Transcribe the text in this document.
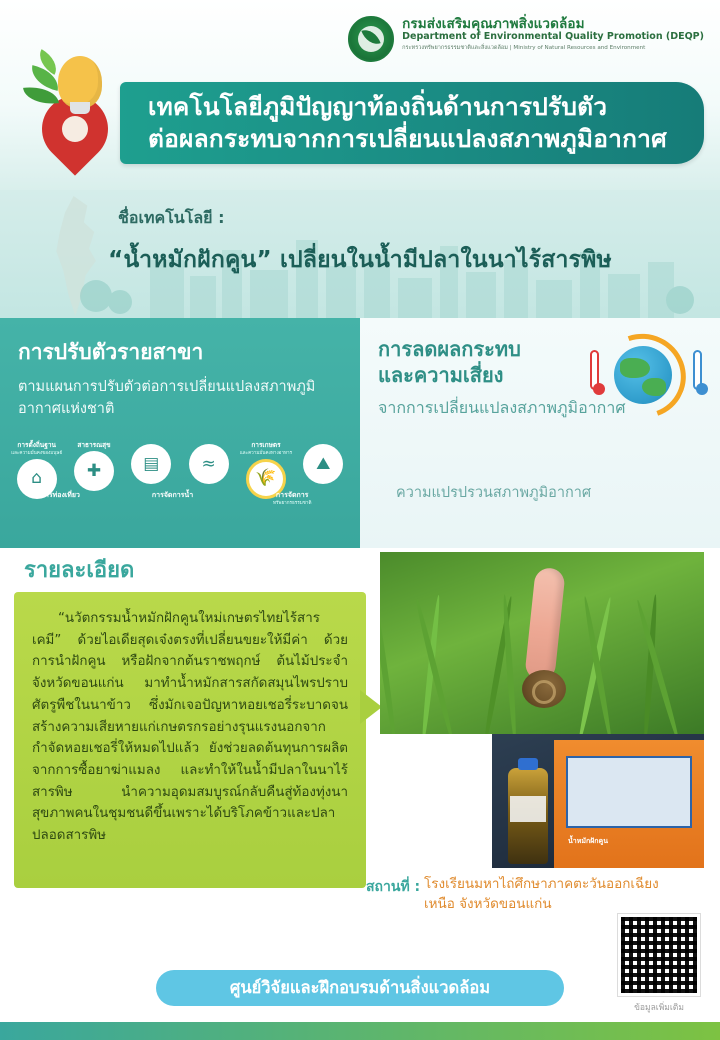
กรมส่งเสริมคุณภาพสิ่งแวดล้อม
Department of Environmental Quality Promotion (DEQP)
กระทรวงทรัพยากรธรรมชาติและสิ่งแวดล้อม | Ministry of Natural Resources and Environment
เทคโนโลยีภูมิปัญญาท้องถิ่นด้านการปรับตัว
ต่อผลกระทบจากการเปลี่ยนแปลงสภาพภูมิอากาศ
ชื่อเทคโนโลยี :
“น้ำหมักฝักคูน” เปลี่ยนในน้ำมีปลาในนาไร้สารพิษ
การปรับตัวรายสาขา

ตามแผนการปรับตัวต่อการเปลี่ยนแปลงสภาพภูมิอากาศแห่งชาติ

การตั้งถิ่นฐาน
และความมั่นคงของมนุษย์
⌂
สาธารณสุข
✚	▤	≈
การเกษตร
และความมั่นคงทางอาหาร
🌾
⛰
การท่องเที่ยว	การจัดการน้ำ	การจัดการ
ทรัพยากรธรรมชาติ
การลดผลกระทบ
และความเสี่ยง
จากการเปลี่ยนแปลงสภาพภูมิอากาศ
ความแปรปรวนสภาพภูมิอากาศ
รายละเอียด
“นวัตกรรมน้ำหมักฝักคูนใหม่เกษตรไทยไร้สารเคมี” ด้วยไอเดียสุดเจ๋งตรงที่เปลี่ยนขยะให้มีค่า ด้วยการนำฝักคูน หรือฝักจากต้นราชพฤกษ์ ต้นไม้ประจำจังหวัดขอนแก่น มาทำน้ำหมักสารสกัดสมุนไพรปราบศัตรูพืชในนาข้าว ซึ่งมักเจอปัญหาหอยเชอรี่ระบาดจนสร้างความเสียหายแก่เกษตรกรอย่างรุนแรงนอกจากกำจัดหอยเชอรี่ให้หมดไปแล้ว ยังช่วยลดต้นทุนการผลิตจากการซื้อยาฆ่าแมลง และทำให้ในน้ำมีปลาในนาไร้สารพิษ นำความอุดมสมบูรณ์กลับคืนสู่ท้องทุ่งนา สุขภาพคนในชุมชนดีขึ้นเพราะได้บริโภคข้าวและปลาปลอดสารพิษ	น้ำหมักฝักคูน
สถานที่ : โรงเรียนมหาไถ่ศึกษาภาคตะวันออกเฉียงเหนือ จังหวัดขอนแก่น
ข้อมูลเพิ่มเติม
ศูนย์วิจัยและฝึกอบรมด้านสิ่งแวดล้อม
